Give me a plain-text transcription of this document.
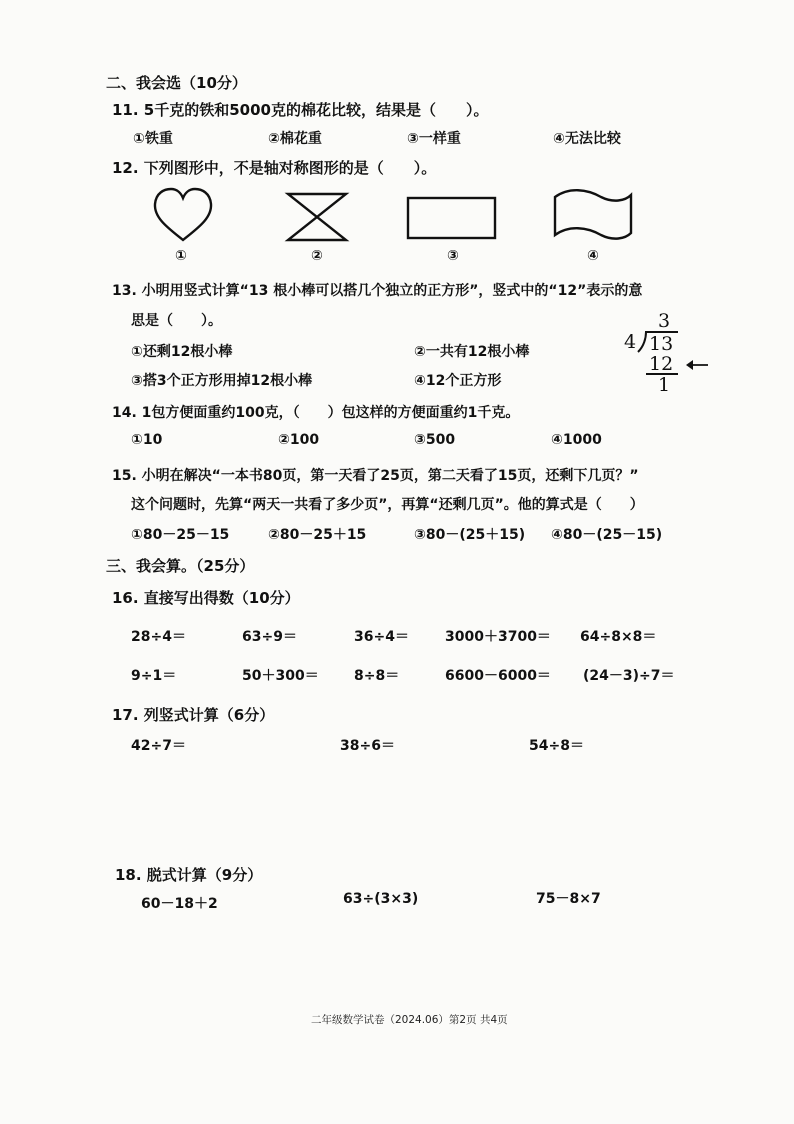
二、我会选（10分）
11. 5千克的铁和5000克的棉花比较，结果是（　　）。
①铁重	②棉花重	③一样重	④无法比较
12. 下列图形中，不是轴对称图形的是（　　）。
①	②	③	④
13. 小明用竖式计算“13 根小棒可以搭几个独立的正方形”，竖式中的“12”表示的意
思是（　　）。
①还剩12根小棒	②一共有12根小棒
③搭3个正方形用掉12根小棒	④12个正方形
3
4 13
12
1
14. 1包方便面重约100克，（　　）包这样的方便面重约1千克。
①10	②100	③500	④1000
15. 小明在解决“一本书80页，第一天看了25页，第二天看了15页，还剩下几页？”
这个问题时，先算“两天一共看了多少页”，再算“还剩几页”。他的算式是（　　）
①80－25－15	②80－25＋15	③80－(25＋15) ④80－(25－15)
三、我会算。（25分）
16. 直接写出得数（10分）
28÷4＝	63÷9＝	36÷4＝	3000＋3700＝ 64÷8×8＝
9÷1＝	50＋300＝	8÷8＝	6600－6000＝ (24－3)÷7＝
17. 列竖式计算（6分）
42÷7＝	38÷6＝	54÷8＝
18. 脱式计算（9分）
60－18＋2	63÷(3×3)	75－8×7
二年级数学试卷（2024.06）第2页 共4页
